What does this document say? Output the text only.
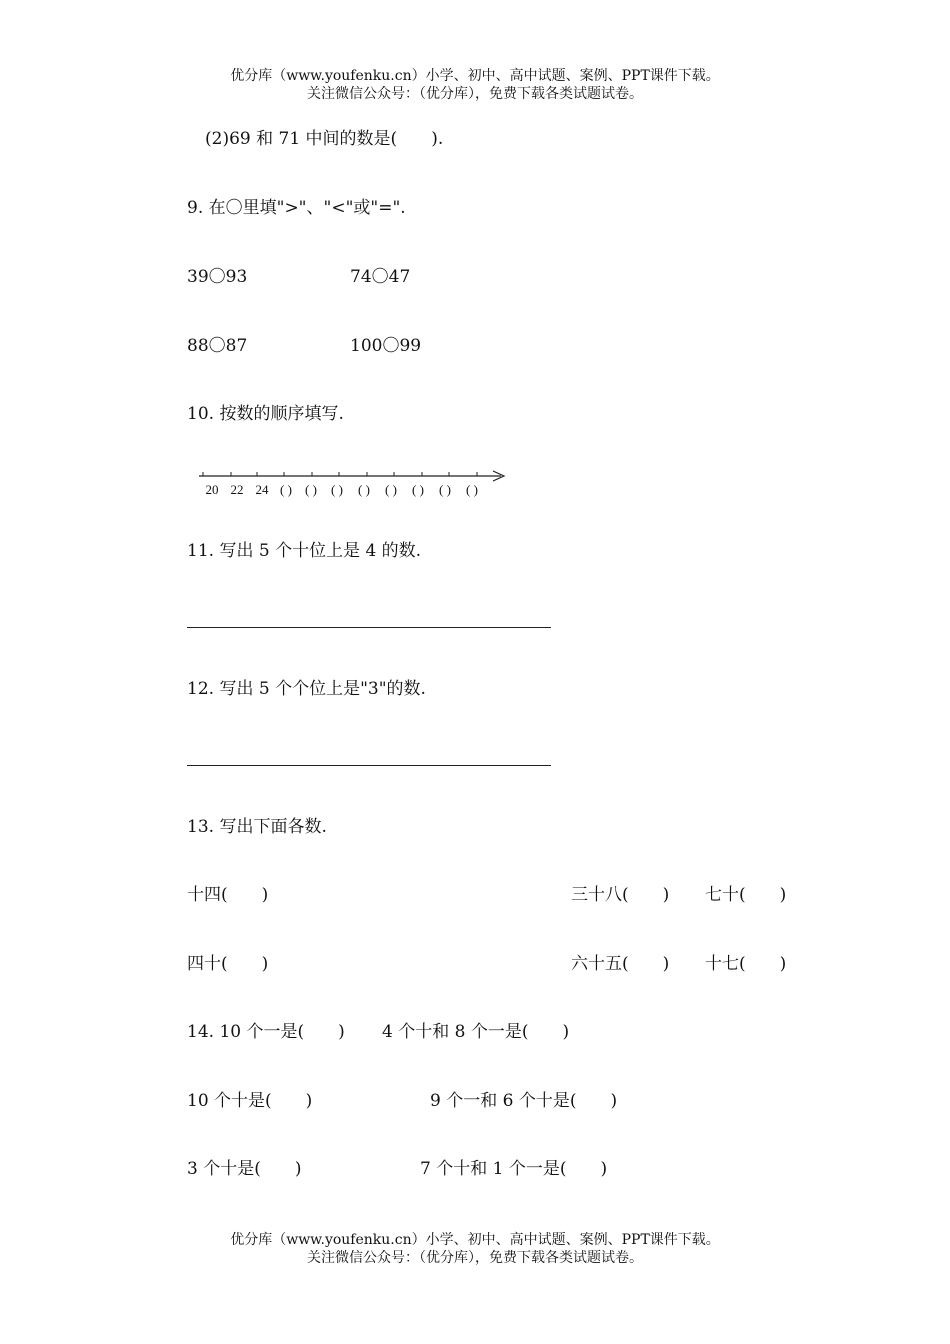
优分库（www.youfenku.cn）小学、初中、高中试题、案例、PPT课件下载。
关注微信公众号：（优分库），免费下载各类试题试卷。
(2)69 和 71 中间的数是(　　).
9. 在〇里填">"、"<"或"=".
39〇93	74〇47
88〇87	100〇99
10. 按数的顺序填写.
20 22 24 ( ) ( ) ( ) ( ) ( ) ( ) ( ) ( )
11. 写出 5 个十位上是 4 的数.
12. 写出 5 个个位上是"3"的数.
13. 写出下面各数.
十四(　　)	三十八(　　) 七十(　　)
四十(　　)	六十五(　　) 十七(　　)
14. 10 个一是(　　) 4 个十和 8 个一是(　　)
10 个十是(　　)	9 个一和 6 个十是(　　)
3 个十是(　　)	7 个十和 1 个一是(　　)
优分库（www.youfenku.cn）小学、初中、高中试题、案例、PPT课件下载。
关注微信公众号：（优分库），免费下载各类试题试卷。
